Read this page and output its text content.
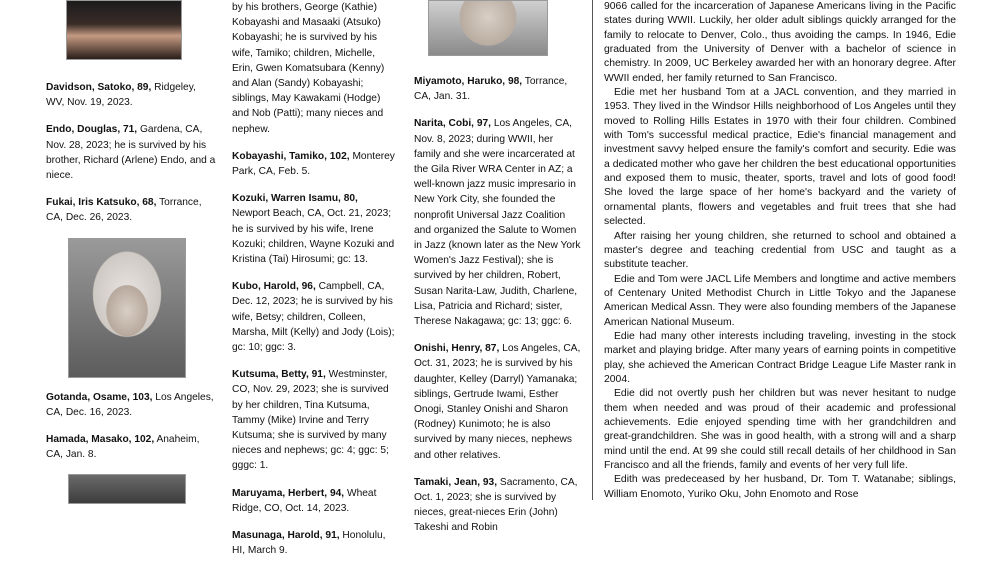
Davidson, Satoko, 89, Ridgeley, WV, Nov. 19, 2023.
Endo, Douglas, 71, Gardena, CA, Nov. 28, 2023; he is survived by his brother, Richard (Arlene) Endo, and a niece.
Fukai, Iris Katsuko, 68, Torrance, CA, Dec. 26, 2023.
Gotanda, Osame, 103, Los Angeles, CA, Dec. 16, 2023.
Hamada, Masako, 102, Anaheim, CA, Jan. 8.
by his brothers, George (Kathie) Kobayashi and Masaaki (Atsuko) Kobayashi; he is survived by his wife, Tamiko; children, Michelle, Erin, Gwen Komatsubara (Kenny) and Alan (Sandy) Kobayashi; siblings, May Kawakami (Hodge) and Nob (Patti); many nieces and nephew.
Kobayashi, Tamiko, 102, Monterey Park, CA, Feb. 5.
Kozuki, Warren Isamu, 80, Newport Beach, CA, Oct. 21, 2023; he is survived by his wife, Irene Kozuki; children, Wayne Kozuki and Kristina (Tai) Hirosumi; gc: 13.
Kubo, Harold, 96, Campbell, CA, Dec. 12, 2023; he is survived by his wife, Betsy; children, Colleen, Marsha, Milt (Kelly) and Jody (Lois); gc: 10; ggc: 3.
Kutsuma, Betty, 91, Westminster, CO, Nov. 29, 2023; she is survived by her children, Tina Kutsuma, Tammy (Mike) Irvine and Terry Kutsuma; she is survived by many nieces and nephews; gc: 4; ggc: 5; gggc: 1.
Maruyama, Herbert, 94, Wheat Ridge, CO, Oct. 14, 2023.
Masunaga, Harold, 91, Honolulu, HI, March 9.
Miyamoto, Haruko, 98, Torrance, CA, Jan. 31.
Narita, Cobi, 97, Los Angeles, CA, Nov. 8, 2023; during WWII, her family and she were incarcerated at the Gila River WRA Center in AZ; a well-known jazz music impresario in New York City, she founded the nonprofit Universal Jazz Coalition and organized the Salute to Women in Jazz (known later as the New York Women's Jazz Festival); she is survived by her children, Robert, Susan Narita-Law, Judith, Charlene, Lisa, Patricia and Richard; sister, Therese Nakagawa; gc: 13; ggc: 6.
Onishi, Henry, 87, Los Angeles, CA, Oct. 31, 2023; he is survived by his daughter, Kelley (Darryl) Yamanaka; siblings, Gertrude Iwami, Esther Onogi, Stanley Onishi and Sharon (Rodney) Kunimoto; he is also survived by many nieces, nephews and other relatives.
Tamaki, Jean, 93, Sacramento, CA, Oct. 1, 2023; she is survived by nieces, great-nieces Erin (John) Takeshi and Robin

9066 called for the incarceration of Japanese Americans living in the Pacific states during WWII. Luckily, her older adult siblings quickly arranged for the family to relocate to Denver, Colo., thus avoiding the camps. In 1946, Edie graduated from the University of Denver with a bachelor of science in chemistry. In 2009, UC Berkeley awarded her with an honorary degree. After WWII ended, her family returned to San Francisco.

Edie met her husband Tom at a JACL convention, and they married in 1953. They lived in the Windsor Hills neighborhood of Los Angeles until they moved to Rolling Hills Estates in 1970 with their four children. Combined with Tom's successful medical practice, Edie's financial management and investment savvy helped ensure the family's comfort and security. Edie was a dedicated mother who gave her children the best educational opportunities and exposed them to music, theater, sports, travel and lots of good food! She loved the large space of her home's backyard and the variety of ornamental plants, flowers and vegetables and fruit trees that she had selected.

After raising her young children, she returned to school and obtained a master's degree and teaching credential from USC and taught as a substitute teacher.

Edie and Tom were JACL Life Members and longtime and active members of Centenary United Methodist Church in Little Tokyo and the Japanese American Medical Assn. They were also founding members of the Japanese American National Museum.

Edie had many other interests including traveling, investing in the stock market and playing bridge. After many years of earning points in competitive play, she achieved the American Contract Bridge League Life Master rank in 2004.

Edie did not overtly push her children but was never hesitant to nudge them when needed and was proud of their academic and professional achievements. Edie enjoyed spending time with her grandchildren and great-grandchildren. She was in good health, with a strong will and a sharp mind until the end. At 99 she could still recall details of her childhood in San Francisco and all the friends, family and events of her very full life.

Edith was predeceased by her husband, Dr. Tom T. Watanabe; siblings, William Enomoto, Yuriko Oku, John Enomoto and Rose
